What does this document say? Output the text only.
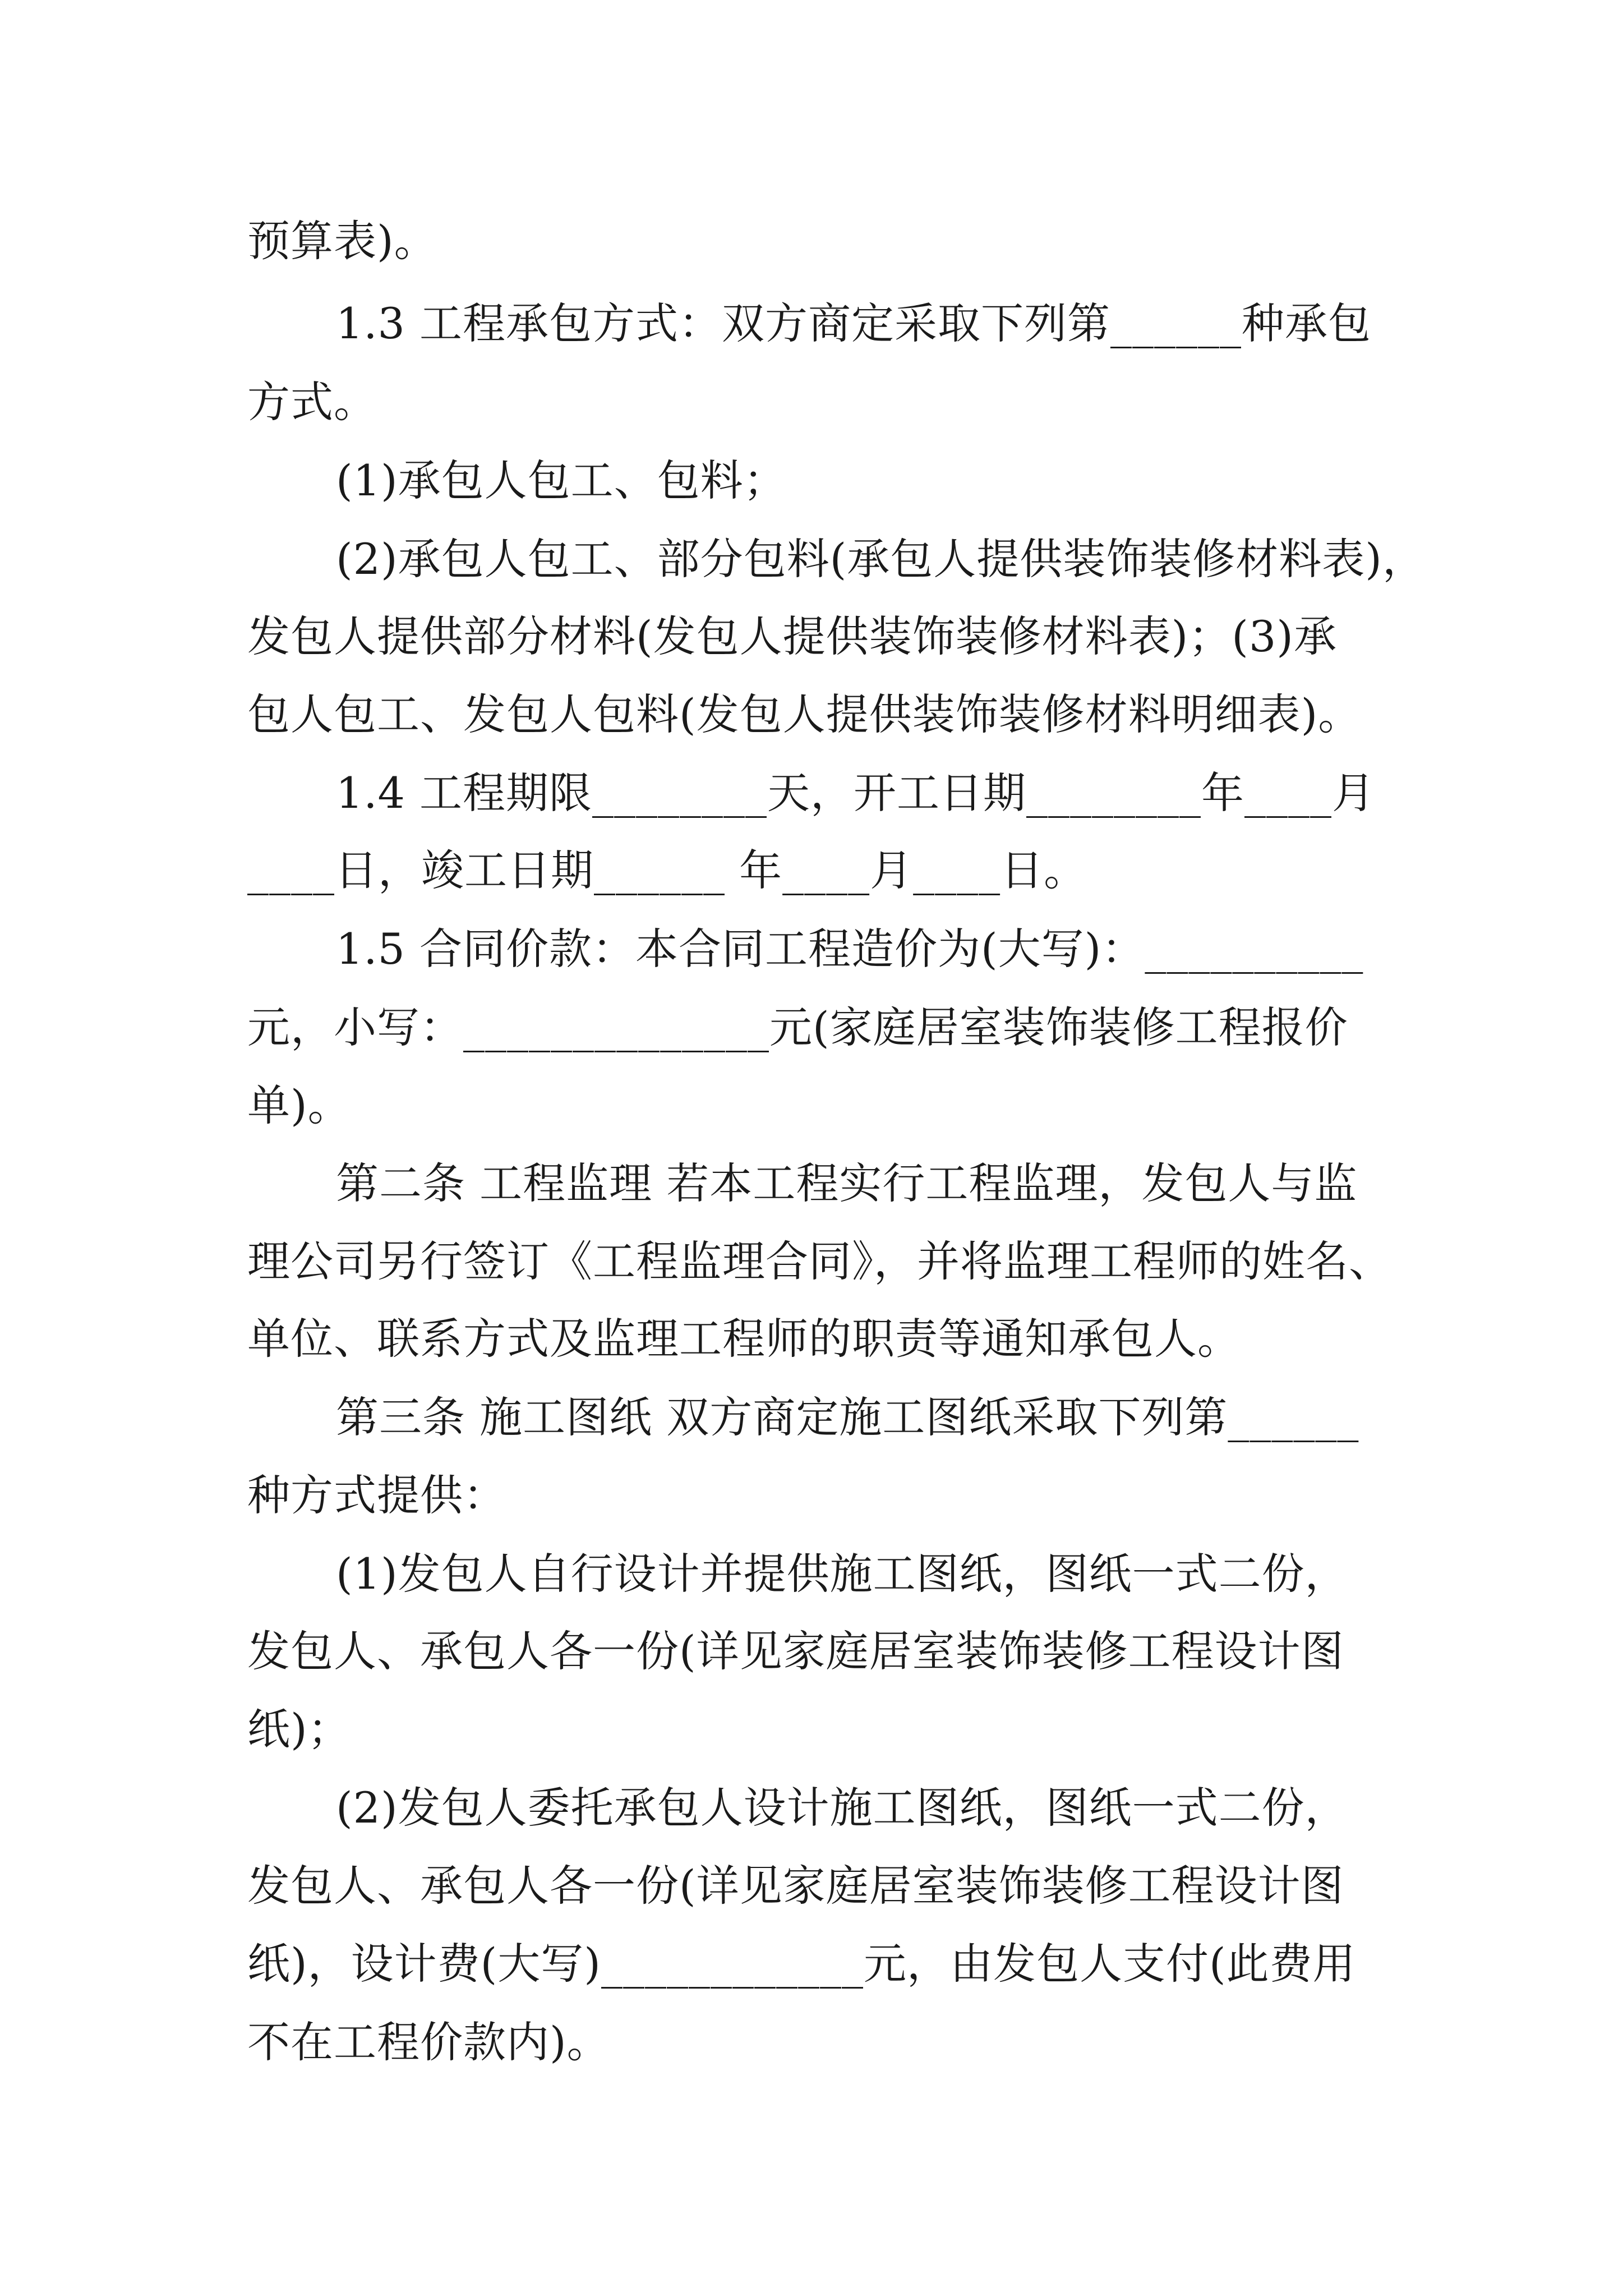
预算表)。

1.3 工程承包方式：双方商定采取下列第______种承包

方式。

(1)承包人包工、包料；

(2)承包人包工、部分包料(承包人提供装饰装修材料表)，

发包人提供部分材料(发包人提供装饰装修材料表)；(3)承

包人包工、发包人包料(发包人提供装饰装修材料明细表)。

1.4 工程期限________天，开工日期________年____月

____日，竣工日期______ 年____月____日。

1.5 合同价款：本合同工程造价为(大写)：__________

元，小写：______________元(家庭居室装饰装修工程报价

单)。

第二条 工程监理 若本工程实行工程监理，发包人与监

理公司另行签订《工程监理合同》，并将监理工程师的姓名、

单位、联系方式及监理工程师的职责等通知承包人。

第三条 施工图纸 双方商定施工图纸采取下列第______

种方式提供：

(1)发包人自行设计并提供施工图纸，图纸一式二份，

发包人、承包人各一份(详见家庭居室装饰装修工程设计图

纸)；

(2)发包人委托承包人设计施工图纸，图纸一式二份，

发包人、承包人各一份(详见家庭居室装饰装修工程设计图

纸)，设计费(大写)____________元，由发包人支付(此费用

不在工程价款内)。
